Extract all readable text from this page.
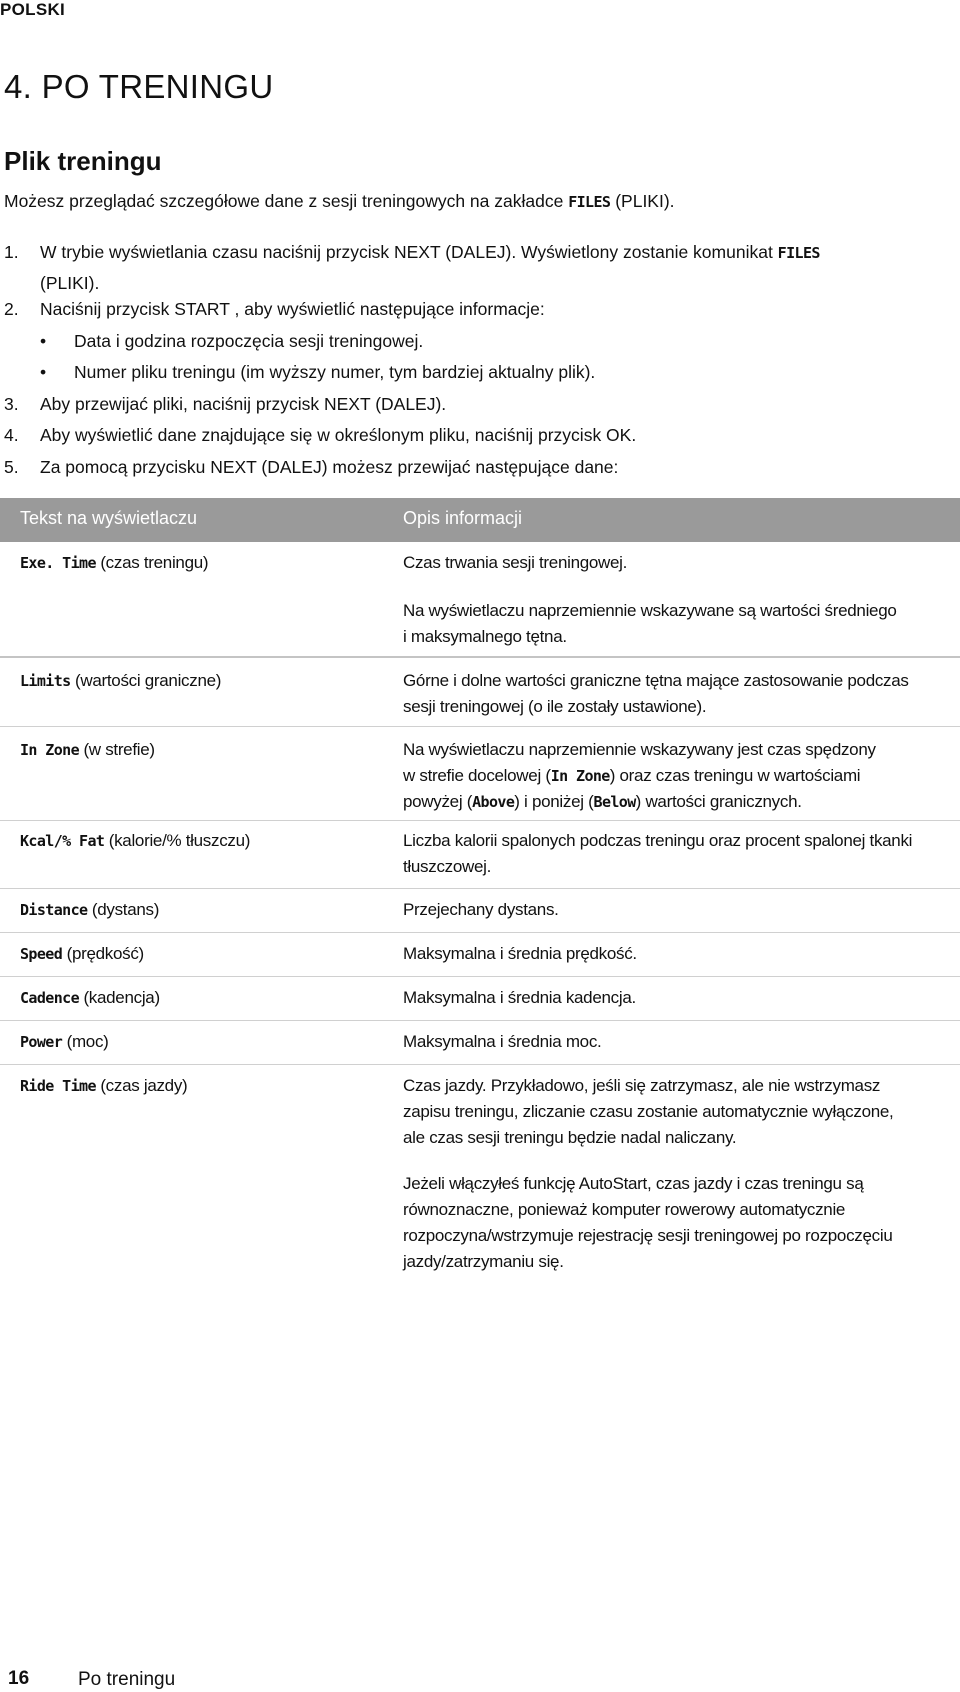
POLSKI
4. PO TRENINGU
Plik treningu
Możesz przeglądać szczegółowe dane z sesji treningowych na zakładce FILES (PLIKI).
1. W trybie wyświetlania czasu naciśnij przycisk NEXT (DALEJ). Wyświetlony zostanie komunikat FILES
(PLIKI).
2. Naciśnij przycisk START , aby wyświetlić następujące informacje:
• Data i godzina rozpoczęcia sesji treningowej.
• Numer pliku treningu (im wyższy numer, tym bardziej aktualny plik).
3. Aby przewijać pliki, naciśnij przycisk NEXT (DALEJ).
4. Aby wyświetlić dane znajdujące się w określonym pliku, naciśnij przycisk OK.
5. Za pomocą przycisku NEXT (DALEJ) możesz przewijać następujące dane:
Tekst na wyświetlaczu	Opis informacji
Exe. Time (czas treningu)	Czas trwania sesji treningowej.
Na wyświetlaczu naprzemiennie wskazywane są wartości średniego
i maksymalnego tętna.
Limits (wartości graniczne)	Górne i dolne wartości graniczne tętna mające zastosowanie podczas
sesji treningowej (o ile zostały ustawione).
In Zone (w strefie)	Na wyświetlaczu naprzemiennie wskazywany jest czas spędzony
w strefie docelowej (In Zone) oraz czas treningu w wartościami
powyżej (Above) i poniżej (Below) wartości granicznych.
Kcal/% Fat (kalorie/% tłuszczu)	Liczba kalorii spalonych podczas treningu oraz procent spalonej tkanki
tłuszczowej.
Distance (dystans)	Przejechany dystans.
Speed (prędkość)	Maksymalna i średnia prędkość.
Cadence (kadencja)	Maksymalna i średnia kadencja.
Power (moc)	Maksymalna i średnia moc.
Ride Time (czas jazdy)	Czas jazdy. Przykładowo, jeśli się zatrzymasz, ale nie wstrzymasz
zapisu treningu, zliczanie czasu zostanie automatycznie wyłączone,
ale czas sesji treningu będzie nadal naliczany.
Jeżeli włączyłeś funkcję AutoStart, czas jazdy i czas treningu są
równoznaczne, ponieważ komputer rowerowy automatycznie
rozpoczyna/wstrzymuje rejestrację sesji treningowej po rozpoczęciu
jazdy/zatrzymaniu się.
16	Po treningu
